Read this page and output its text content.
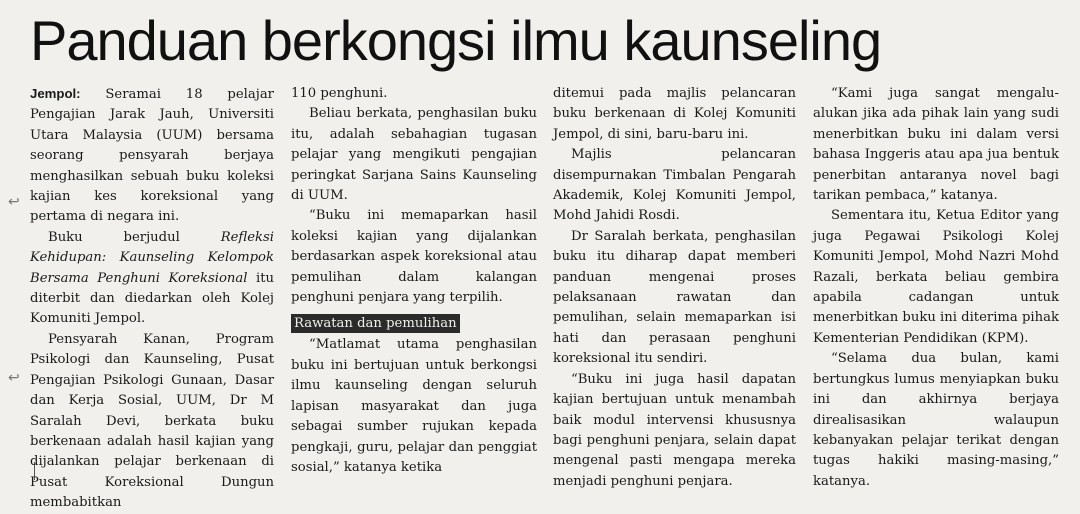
Panduan berkongsi ilmu kaunseling
↩
↩

Jempol: Seramai 18 pelajar Pengajian Jarak Jauh, Universiti Utara Malaysia (UUM) bersama seorang pensyarah berjaya menghasilkan sebuah buku koleksi kajian kes koreksional yang pertama di negara ini.

Buku berjudul Refleksi Kehidupan: Kaunseling Kelompok Bersama Penghuni Koreksional itu diterbit dan diedarkan oleh Kolej Komuniti Jempol.

Pensyarah Kanan, Program Psikologi dan Kaunseling, Pusat Pengajian Psikologi Gunaan, Dasar dan Kerja Sosial, UUM, Dr M Saralah Devi, berkata buku berkenaan adalah hasil kajian yang dijalankan pelajar berkenaan di Pusat Koreksional Dungun membabitkan

110 penghuni.

Beliau berkata, penghasilan buku itu, adalah sebahagian tugasan pelajar yang mengikuti pengajian peringkat Sarjana Sains Kaunseling di UUM.

“Buku ini memaparkan hasil koleksi kajian yang dijalankan berdasarkan aspek koreksional atau pemulihan dalam kalangan penghuni penjara yang terpilih.

Rawatan dan pemulihan

“Matlamat utama penghasilan buku ini bertujuan untuk berkongsi ilmu kaunseling dengan seluruh lapisan masyarakat dan juga sebagai sumber rujukan kepada pengkaji, guru, pelajar dan penggiat sosial,” katanya ketika

ditemui pada majlis pelancaran buku berkenaan di Kolej Komuniti Jempol, di sini, baru-baru ini.

Majlis pelancaran disempurnakan Timbalan Pengarah Akademik, Kolej Komuniti Jempol, Mohd Jahidi Rosdi.

Dr Saralah berkata, penghasilan buku itu diharap dapat memberi panduan mengenai proses pelaksanaan rawatan dan pemulihan, selain memaparkan isi hati dan perasaan penghuni koreksional itu sendiri.

“Buku ini juga hasil dapatan kajian bertujuan untuk menambah baik modul intervensi khususnya bagi penghuni penjara, selain dapat mengenal pasti mengapa mereka menjadi penghuni penjara.

“Kami juga sangat mengalu-alukan jika ada pihak lain yang sudi menerbitkan buku ini dalam versi bahasa Inggeris atau apa jua bentuk penerbitan antaranya novel bagi tarikan pembaca,” katanya.

Sementara itu, Ketua Editor yang juga Pegawai Psikologi Kolej Komuniti Jempol, Mohd Nazri Mohd Razali, berkata beliau gembira apabila cadangan untuk menerbitkan buku ini diterima pihak Kementerian Pendidikan (KPM).

“Selama dua bulan, kami bertungkus lumus menyiapkan buku ini dan akhirnya berjaya direalisasikan walaupun kebanyakan pelajar terikat dengan tugas hakiki masing-masing,” katanya.
